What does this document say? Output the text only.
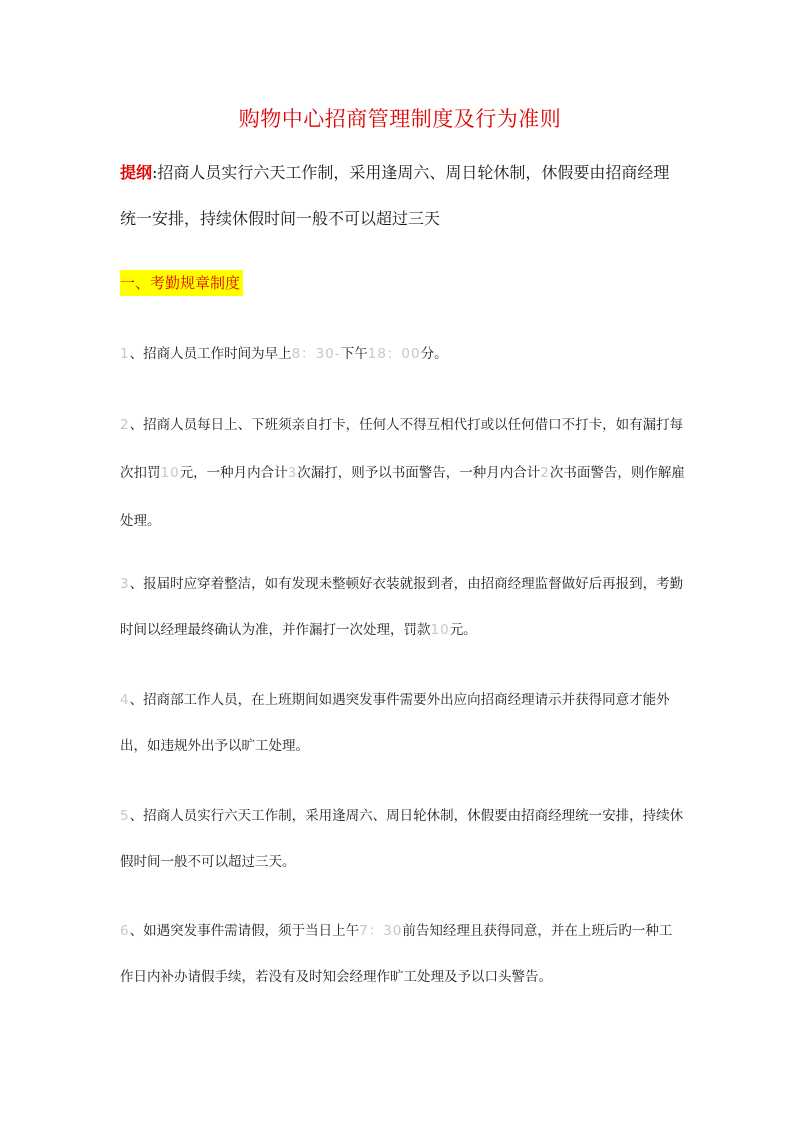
购物中心招商管理制度及行为准则
提纲:招商人员实行六天工作制，采用逢周六、周日轮休制，休假要由招商经理统一安排，持续休假时间一般不可以超过三天
一、考勤规章制度
1、招商人员工作时间为早上8：30-下午18：00分。
2、招商人员每日上、下班须亲自打卡，任何人不得互相代打或以任何借口不打卡，如有漏打每次扣罚10元，一种月内合计3次漏打，则予以书面警告，一种月内合计2次书面警告，则作解雇处理。
3、报届时应穿着整洁，如有发现未整顿好衣装就报到者，由招商经理监督做好后再报到，考勤时间以经理最终确认为准，并作漏打一次处理，罚款10元。
4、招商部工作人员，在上班期间如遇突发事件需要外出应向招商经理请示并获得同意才能外出，如违规外出予以旷工处理。
5、招商人员实行六天工作制，采用逢周六、周日轮休制，休假要由招商经理统一安排，持续休假时间一般不可以超过三天。
6、如遇突发事件需请假，须于当日上午7：30前告知经理且获得同意，并在上班后旳一种工作日内补办请假手续，若没有及时知会经理作旷工处理及予以口头警告。
